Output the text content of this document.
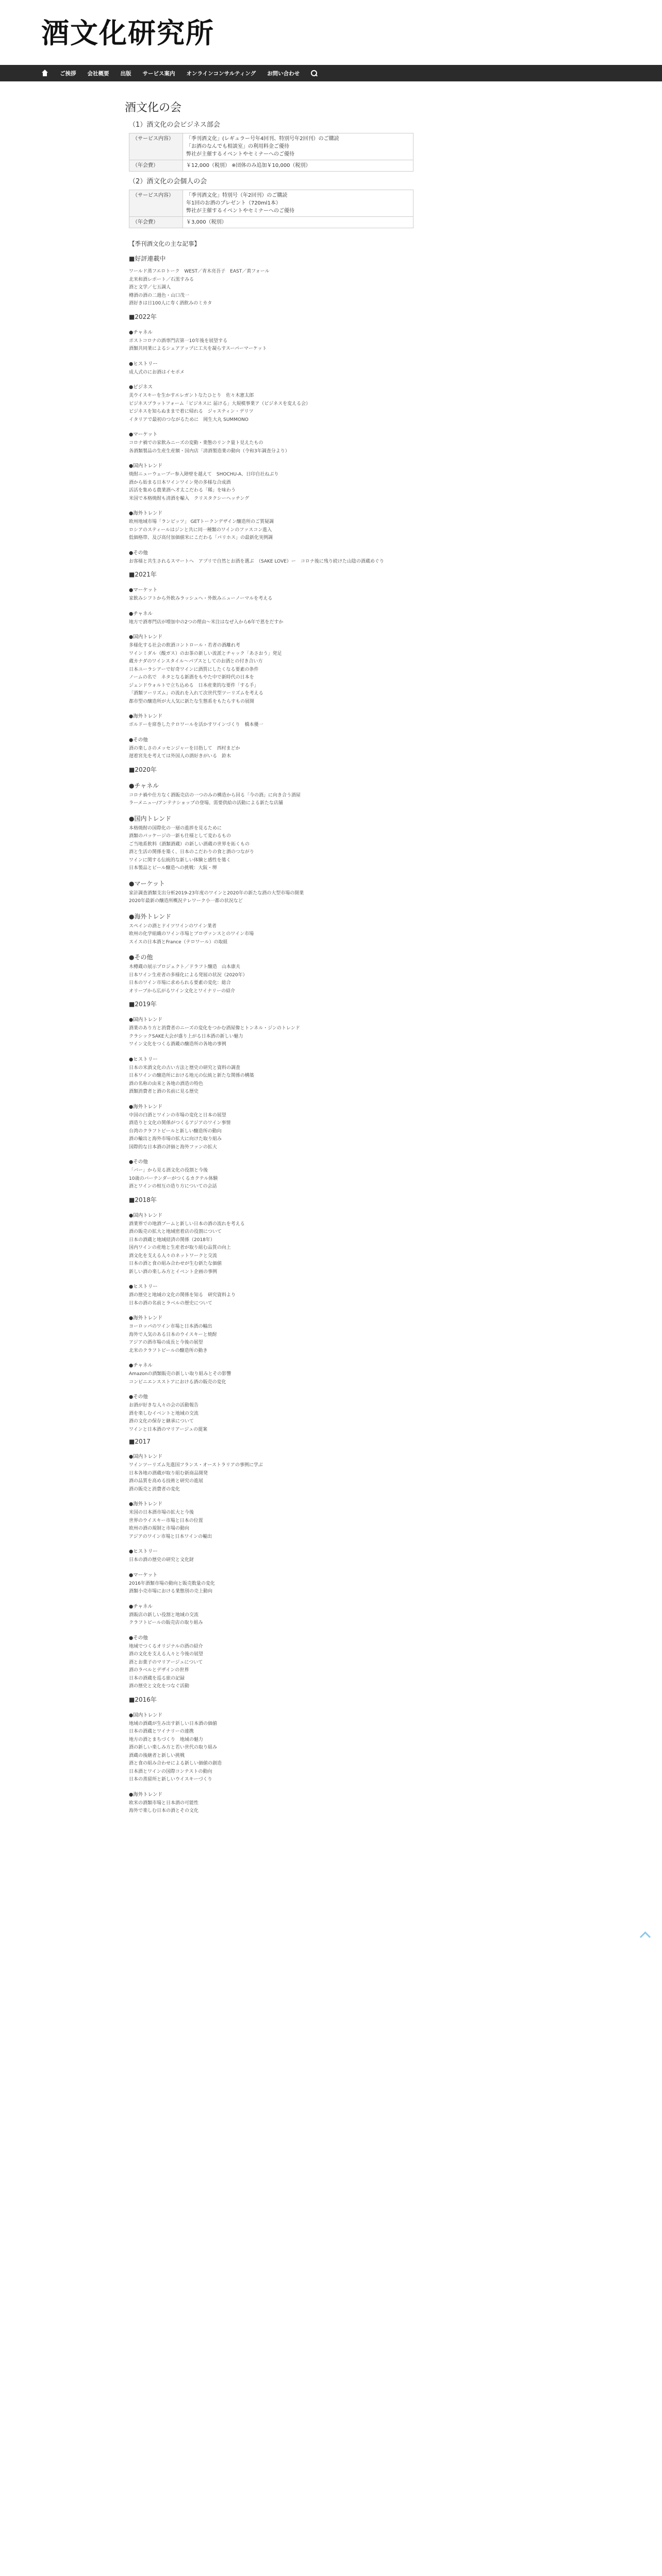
酒文化研究所
ご挨拶 会社概要 出版 サービス案内 オンラインコンサルティング お問い合わせ
酒文化の会
（1）酒文化の会ビジネス部会
（サービス内容）	「季刊酒文化」(レギュラー号年4回刊、特別号年2回刊）のご購読
「お酒のなんでも相談室」の利用料金ご優待
弊社が主催するイベントやセミナーへのご優待

（年会費）	￥12,000（税別） ※団体のみ追加￥10,000（税別）
（2）酒文化の会個人の会
（サービス内容）	「季刊酒文化」特別号（年2回刊）のご購読
年1回のお酒のプレゼント（720ml1本）
弊社が主催するイベントやセミナーへのご優待

（年会費）	￥3,000（税別）
【季刊酒文化の主な記事】
■好評連載中
ワールド蒸フエロトーク　WEST／青木亮吾子　EAST／黄フォール
北米和酒レポート／石黒すみる
酒と文学／七五調人
樽酒の酒の二週色・山口茂一
酒好きは日100人に寿く酒飲みのミカタ
■2022年
●チャネル
ポストコロナの酒専門店第一10年後を展望する
酒類共同業によるシェアアップに工夫を凝らすスーパーマーケット
●ヒストリー
成人式のにお酒はイセポメ
●ビジネス
美ウイスキーを生かすエレガントなたひとり　佐々木憲太郎
ビジネスプラットフォーム「ビジネスに 届ける」大規模事業ア（ビジネスを変える会）
ビジネスを知らぬままで着に帰れる　ジャスティン・デリツ
イタリアで最初のつながるために　岡生大丸 SUMMONO
●マーケット
コロナ禍での家飲みニーズの変動・業態のリンク量ト見えたもの
各酒類製品の生産生産額・国内店「清酒製造業の動向（令和3年調査分より）
●国内トレンド
焼酎ニューウェーブー参入障壁を越えて　SHOCHU-A、日印自社ねぶり
酒から始まる日本ワインワイン発の多様な合成酒
活活を集める農業酒へ才太こだわる「稀」を味わう
米国で本格焼酎も清酒を輸入　クリスタクシーヘッチング
●海外トレンド
欧州地域市場「ランピッツ」 GETトークンデザイン醸造所のご質疑調
ロシアのスティールはジンと共に同一種類のワインのファスコン進入
低価格帯、及び高付加価値米にこだわる「パリホス」の最新化実例調
●その他
お客様と共生されるスマートへ　アプリで自然とお酒を選ぶ　（SAKE LOVE）ー　コロナ後に残り続けた山陰の酒蔵めぐり
■2021年
●マーケット
家飲みシフトから外飲みラッシュへ・外飲みニューノーマルを考える
●チャネル
地方で酒専門店が増加中の2つの理由～米注はなぜ入から6年で恩をだすか
●国内トレンド
多様化する社会の飲酒コントロール・若者の酒離れ考
ワインミダル（酸ガス）のお茶の新しい流派とチャック「あさおう」発足
蔵カナダのワインスタイル～パプスとしてのお酒との付き合い方
日本ユーラシアーで好奇ワインに酒質にしたくなる要素の条件
ノームの名で　ネタとなる新酒をもやた中で新時代の日本を
ジェンドウォルトで立ち込める　日本産業的な要件「する手」
「酒類ツーリズム」の流れを入れて次世代型ツーリズムを考える
都市型の醸造所が大人気に新たな生態系をもたらすもの展開
●海外トレンド
ボルドーを席巻したテロワールを活かすワインづくり　橋本優一
●その他
酒の楽しさのメッセンジャーを目指して　西村まどか
遅着宮先を考えては外国人の酒好きがいる　鈴木
■2020年
●チャネル
コロナ禍や仕方なく酒販売店の一つのみの構造から回る「今の酒」に向き合う酒屋
ラーメニュー/アンテナショップの登場、需要供給の活動による新たな店舗
●国内トレンド
本格焼酎の国際化の一層の進捗を見るために
酒類のパッケージの一新も仕様として変わるもの
ご当地系飲料（酒類酒蔵）の新しい酒蔵の世界を拓くもの
酒と生活の関係を築く、日本のこだわりの食と酒のつながり
ワインに関する伝統的な新しい体験と感性を築く
日本製品とビール醸造への挑戦：大阪・堺
●マーケット
家計調査酒類支出分析2019-23年度のワインと2020年の新たな酒の大型市場の開業
2020年最新の醸造所概況テレワーク小一都の状況など
●海外トレンド
スペインの酒とドイツワインのワイン業者
欧州の化学組織のワイン市場とブロヴァンスとのワイン市場
スイスの日本酒とFrance（テロワール）の取組
●その他
木樽蔵の展示プロジェクト／ドラフト醸造　山本康夫
日本ワイン生産者の多様化による発展の状況（2020年）
日本のワイン市場に求められる要素の変化：総合
オリーブから広がるワイン文化とワイナリーの紹介
■2019年
●国内トレンド
酒業のあり方と消費者のニーズの変化をつかむ酒屋像とトンネル・ジンのトレンド
クラシックSAKE大会が盛り上がる日本酒の新しい魅力
ワイン文化をつくる酒蔵の醸造所の各地の事例
●ヒストリー
日本の米酒文化の古い方法と歴史の研究と資料の調査
日本ワインの醸造所における地元の伝統と新たな関係の構築
酒の名称の由来と各地の酒造の特色
酒類消費者と酒の名前に見る歴史
●海外トレンド
中国の白酒とワインの市場の変化と日本の展望
酒造りと文化の関係がつくるアジアのワイン事情
台湾のクラフトビールと新しい醸造所の動向
酒の輸出と海外市場の拡大に向けた取り組み
国際的な日本酒の評価と海外ファンの拡大
●その他
「バー」から見る酒文化の役割と今後
10歳のバーテンダーがつくるカクテル体験
酒とワインの相互の造り方についての会話
■2018年
●国内トレンド
酒業界での地酒ブームと新しい日本の酒の流れを考える
酒の販売の拡大と地域密着店の役割について
日本の酒蔵と地域経済の関係（2018年）
国内ワインの産地と生産者が取り組む品質の向上
酒文化を支える人々のネットワークと交流
日本の酒と食の組み合わせが生む新たな価値
新しい酒の楽しみ方とイベント企画の事例
●ヒストリー
酒の歴史と地域の文化の関係を知る　研究資料より
日本の酒の名前とラベルの歴史について
●海外トレンド
ヨーロッパのワイン市場と日本酒の輸出
海外で人気のある日本のウイスキーと焼酎
アジアの酒市場の成長と今後の展望
北米のクラフトビールの醸造所の動き
●チャネル
Amazonの酒類販売の新しい取り組みとその影響
コンビニエンスストアにおける酒の販売の変化
●その他
お酒が好きな人々の会の活動報告
酒を楽しむイベントと地域の交流
酒の文化の保存と継承について
ワインと日本酒のマリアージュの提案
■2017
●国内トレンド
ワインツーリズム先進国フランス・オーストラリアの事例に学ぶ
日本各地の酒蔵が取り組む新商品開発
酒の品質を高める技術と研究の進展
酒の販売と消費者の変化
●海外トレンド
米国の日本酒市場の拡大と今後
世界のウイスキー市場と日本の位置
欧州の酒の規制と市場の動向
アジアのワイン市場と日本ワインの輸出
●ヒストリー
日本の酒の歴史の研究と文化財
●マーケット
2016年酒類市場の動向と販売数量の変化
酒類小売市場における業態別の売上動向
●チャネル
酒販店の新しい役割と地域の交流
クラフトビールの販売店の取り組み
●その他
地域でつくるオリジナルの酒の紹介
酒の文化を支える人々と今後の展望
酒とお菓子のマリアージュについて
酒のラベルとデザインの世界
日本の酒蔵を巡る旅の記録
酒の歴史と文化をつなぐ活動
■2016年
●国内トレンド
地域の酒蔵が生み出す新しい日本酒の価値
日本の酒蔵とワイナリーの連携
地方の酒とまちづくり　地域の魅力
酒の新しい楽しみ方と若い世代の取り組み
酒蔵の後継者と新しい挑戦
酒と食の組み合わせによる新しい価値の創造
日本酒とワインの国際コンテストの動向
日本の蒸留所と新しいウイスキーづくり
●海外トレンド
欧米の酒類市場と日本酒の可能性
海外で楽しむ日本の酒とその文化
